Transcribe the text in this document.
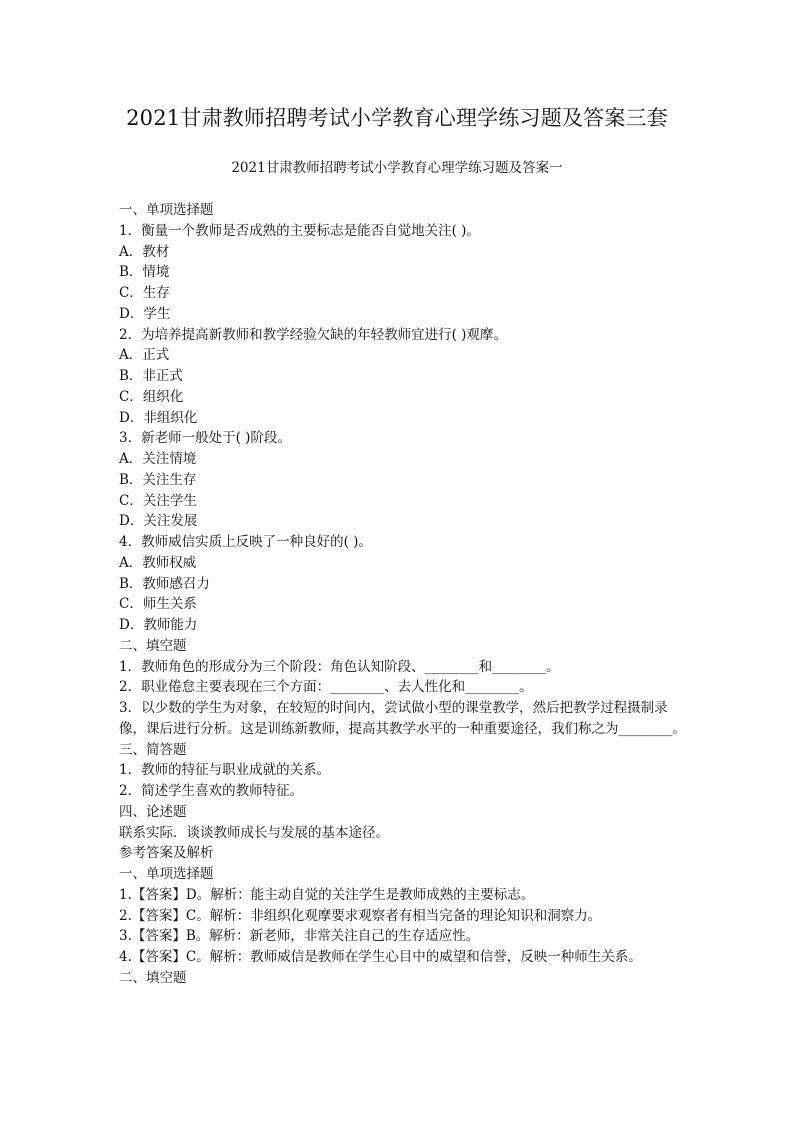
2021甘肃教师招聘考试小学教育心理学练习题及答案三套
2021甘肃教师招聘考试小学教育心理学练习题及答案一
一、单项选择题
1．衡量一个教师是否成熟的主要标志是能否自觉地关注( )。
A．教材
B．情境
C．生存
D．学生
2．为培养提高新教师和教学经验欠缺的年轻教师宜进行( )观摩。
A．正式
B．非正式
C．组织化
D．非组织化
3．新老师一般处于( )阶段。
A．关注情境
B．关注生存
C．关注学生
D．关注发展
4．教师威信实质上反映了一种良好的( )。
A．教师权威
B．教师感召力
C．师生关系
D．教师能力
二、填空题
1．教师角色的形成分为三个阶段：角色认知阶段、________和________。
2．职业倦怠主要表现在三个方面：________、去人性化和________。
3．以少数的学生为对象，在较短的时间内，尝试做小型的课堂教学，然后把教学过程摄制录像，课后进行分析。这是训练新教师，提高其教学水平的一种重要途径，我们称之为________。
三、简答题
1．教师的特征与职业成就的关系。
2．简述学生喜欢的教师特征。
四、论述题
联系实际．谈谈教师成长与发展的基本途径。
参考答案及解析
一、单项选择题
1.【答案】D。解析：能主动自觉的关注学生是教师成熟的主要标志。
2.【答案】C。解析：非组织化观摩要求观察者有相当完备的理论知识和洞察力。
3.【答案】B。解析：新老师，非常关注自己的生存适应性。
4.【答案】C。解析：教师威信是教师在学生心目中的威望和信誉，反映一种师生关系。
二、填空题
